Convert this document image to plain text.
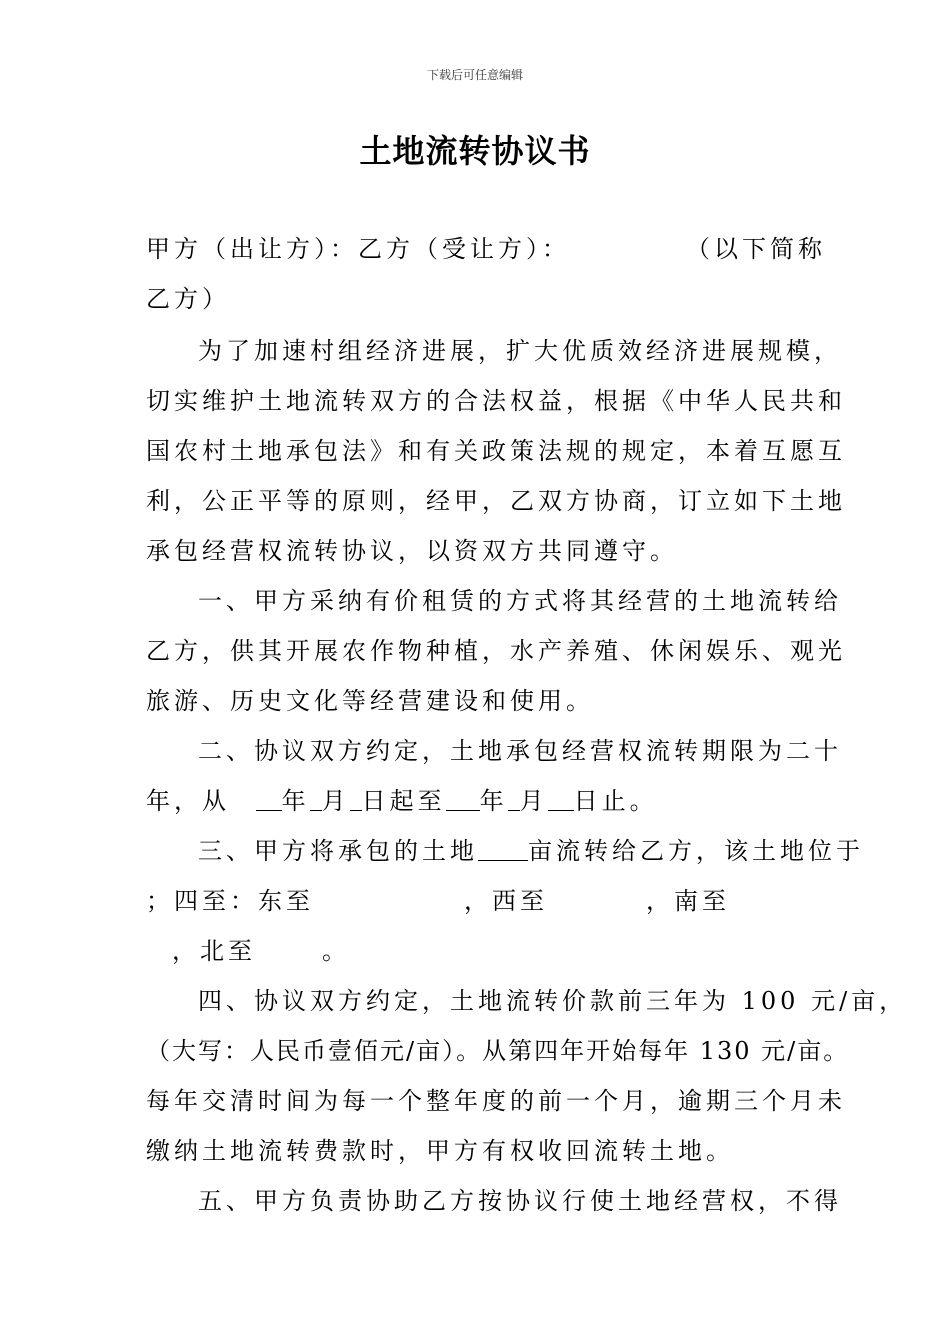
下载后可任意编辑
土地流转协议书
甲方（出让方）：乙方（受让方）：	（以下简称
乙方）
为了加速村组经济进展，扩大优质效经济进展规模，
切实维护土地流转双方的合法权益，根据《中华人民共和
国农村土地承包法》和有关政策法规的规定，本着互愿互
利，公正平等的原则，经甲，乙双方协商，订立如下土地
承包经营权流转协议，以资双方共同遵守。
一、甲方采纳有价租赁的方式将其经营的土地流转给
乙方，供其开展农作物种植，水产养殖、休闲娱乐、观光
旅游、历史文化等经营建设和使用。
二、协议双方约定，土地承包经营权流转期限为二十
年，从 年 月 日起至 年 月 日止。
三、甲方将承包的土地 亩流转给乙方，该土地位于
；四至：东至	，西至	，南至
，北至	。
四、协议双方约定，土地流转价款前三年为 100 元/亩，
（大写：人民币壹佰元/亩）。从第四年开始每年 130 元/亩。
每年交清时间为每一个整年度的前一个月，逾期三个月未
缴纳土地流转费款时，甲方有权收回流转土地。
五、甲方负责协助乙方按协议行使土地经营权，不得
